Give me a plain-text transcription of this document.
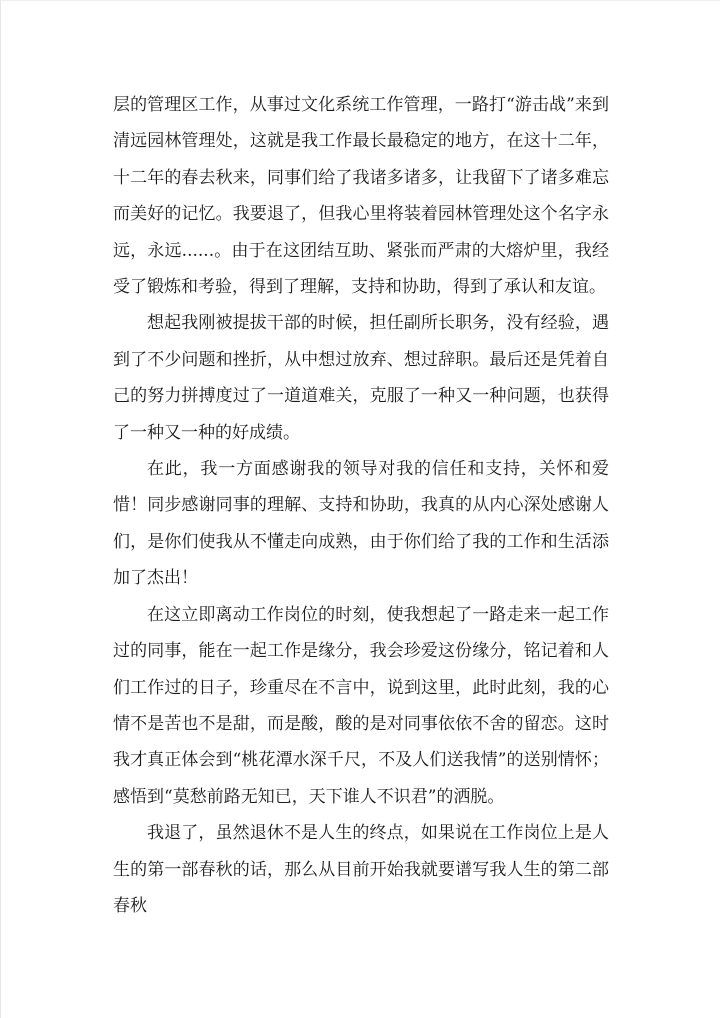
层的管理区工作，从事过文化系统工作管理，一路打“游击战”来到清远园林管理处，这就是我工作最长最稳定的地方，在这十二年，十二年的春去秋来，同事们给了我诸多诸多，让我留下了诸多难忘而美好的记忆。我要退了，但我心里将装着园林管理处这个名字永远，永远......。由于在这团结互助、紧张而严肃的大熔炉里，我经受了锻炼和考验，得到了理解，支持和协助，得到了承认和友谊。

想起我刚被提拔干部的时候，担任副所长职务，没有经验，遇到了不少问题和挫折，从中想过放弃、想过辞职。最后还是凭着自己的努力拼搏度过了一道道难关，克服了一种又一种问题，也获得了一种又一种的好成绩。

在此，我一方面感谢我的领导对我的信任和支持，关怀和爱惜！同步感谢同事的理解、支持和协助，我真的从内心深处感谢人们，是你们使我从不懂走向成熟，由于你们给了我的工作和生活添加了杰出！

在这立即离动工作岗位的时刻，使我想起了一路走来一起工作过的同事，能在一起工作是缘分，我会珍爱这份缘分，铭记着和人们工作过的日子，珍重尽在不言中，说到这里，此时此刻，我的心情不是苦也不是甜，而是酸，酸的是对同事依依不舍的留恋。这时我才真正体会到“桃花潭水深千尺，不及人们送我情”的送别情怀；感悟到“莫愁前路无知已，天下谁人不识君”的洒脱。

我退了，虽然退休不是人生的终点，如果说在工作岗位上是人生的第一部春秋的话，那么从目前开始我就要谱写我人生的第二部春秋
